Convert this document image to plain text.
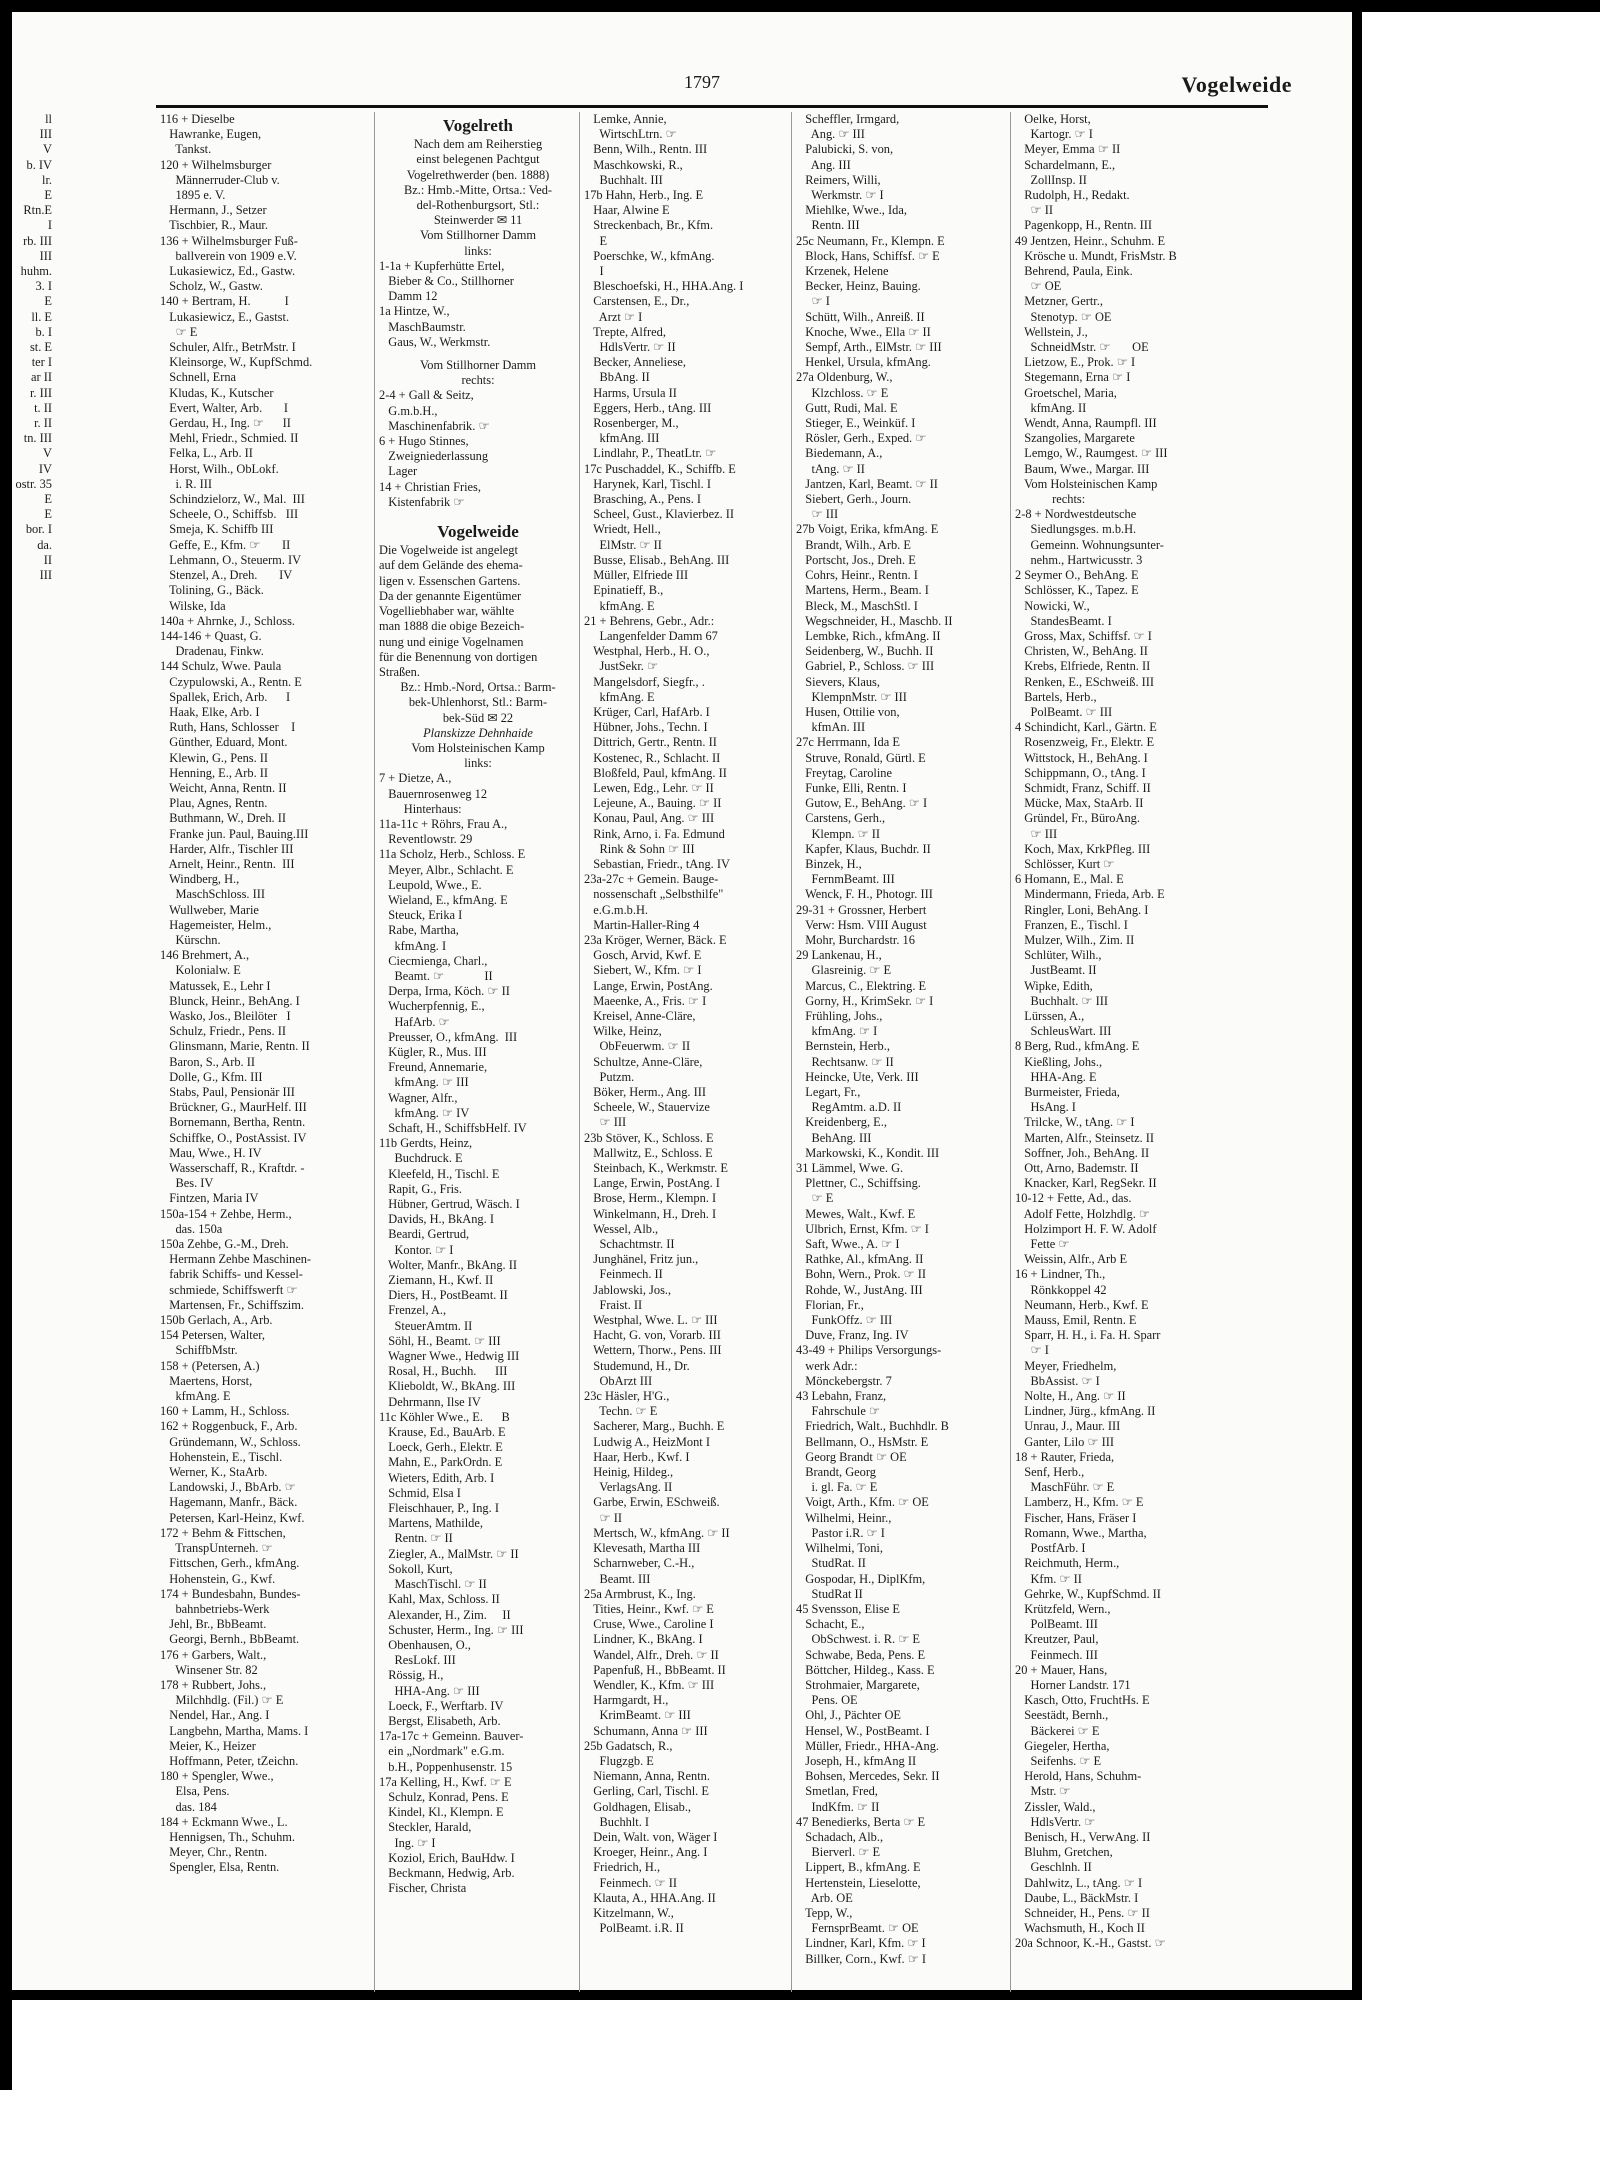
1797	Vogelweide
ll
III
V
b. IV
lr.
E
Rtn.E
I
rb. III
III
huhm.
3. I
E
ll. E
b. I
st. E
ter I
ar II
r. III
t. II
r. II
tn. III
V
IV
ostr. 35
E
E
bor. I
da.
II
III
116 + Dieselbe
Hawranke, Eugen,
Tankst.
120 + Wilhelmsburger
Männerruder-Club v.
1895 e. V.
Hermann, J., Setzer
Tischbier, R., Maur.
136 + Wilhelmsburger Fuß-
ballverein von 1909 e.V.
Lukasiewicz, Ed., Gastw.
Scholz, W., Gastw.
140 + Bertram, H.           I
Lukasiewicz, E., Gastst.
☞ E
Schuler, Alfr., BetrMstr. I
Kleinsorge, W., KupfSchmd.
Schnell, Erna
Kludas, K., Kutscher
Evert, Walter, Arb.       I
Gerdau, H., Ing. ☞      II
Mehl, Friedr., Schmied. II
Felka, L., Arb. II
Horst, Wilh., ObLokf.
i. R. III
Schindzielorz, W., Mal.  III
Scheele, O., Schiffsb.   III
Smeja, K. Schiffb III
Geffe, E., Kfm. ☞       II
Lehmann, O., Steuerm. IV
Stenzel, A., Dreh.       IV
Tolining, G., Bäck.
Wilske, Ida
140a + Ahrnke, J., Schloss.
144-146 + Quast, G.
Dradenau, Finkw.
144 Schulz, Wwe. Paula
Czypulowski, A., Rentn. E
Spallek, Erich, Arb.      I
Haak, Elke, Arb. I
Ruth, Hans, Schlosser    I
Günther, Eduard, Mont.
Klewin, G., Pens. II
Henning, E., Arb. II
Weicht, Anna, Rentn. II
Plau, Agnes, Rentn.
Buthmann, W., Dreh. II
Franke jun. Paul, Bauing.III
Harder, Alfr., Tischler III
Arnelt, Heinr., Rentn.  III
Windberg, H.,
MaschSchloss. III
Wullweber, Marie
Hagemeister, Helm.,
Kürschn.
146 Brehmert, A.,
Kolonialw. E
Matussek, E., Lehr I
Blunck, Heinr., BehAng. I
Wasko, Jos., Bleilöter   I
Schulz, Friedr., Pens. II
Glinsmann, Marie, Rentn. II
Baron, S., Arb. II
Dolle, G., Kfm. III
Stabs, Paul, Pensionär III
Brückner, G., MaurHelf. III
Bornemann, Bertha, Rentn.
Schiffke, O., PostAssist. IV
Mau, Wwe., H. IV
Wasserschaff, R., Kraftdr. -
Bes. IV
Fintzen, Maria IV
150a-154 + Zehbe, Herm.,
das. 150a
150a Zehbe, G.-M., Dreh.
Hermann Zehbe Maschinen-
fabrik Schiffs- und Kessel-
schmiede, Schiffswerft ☞
Martensen, Fr., Schiffszim.
150b Gerlach, A., Arb.
154 Petersen, Walter,
SchiffbMstr.
158 + (Petersen, A.)
Maertens, Horst,
kfmAng. E
160 + Lamm, H., Schloss.
162 + Roggenbuck, F., Arb.
Gründemann, W., Schloss.
Hohenstein, E., Tischl.
Werner, K., StaArb.
Landowski, J., BbArb. ☞
Hagemann, Manfr., Bäck.
Petersen, Karl-Heinz, Kwf.
172 + Behm & Fittschen,
TranspUnterneh. ☞
Fittschen, Gerh., kfmAng.
Hohenstein, G., Kwf.
174 + Bundesbahn, Bundes-
bahnbetriebs-Werk
Jehl, Br., BbBeamt.
Georgi, Bernh., BbBeamt.
176 + Garbers, Walt.,
Winsener Str. 82
178 + Rubbert, Johs.,
Milchhdlg. (Fil.) ☞ E
Nendel, Har., Ang. I
Langbehn, Martha, Mams. I
Meier, K., Heizer
Hoffmann, Peter, tZeichn.
180 + Spengler, Wwe.,
Elsa, Pens.
das. 184
184 + Eckmann Wwe., L.
Hennigsen, Th., Schuhm.
Meyer, Chr., Rentn.
Spengler, Elsa, Rentn.
Vogelreth
Nach dem am Reiherstieg
einst belegenen Pachtgut
Vogelrethwerder (ben. 1888)
Bz.: Hmb.-Mitte, Ortsa.: Ved-
del-Rothenburgsort, Stl.:
Steinwerder ✉ 11
Vom Stillhorner Damm
links:
1-1a + Kupferhütte Ertel,
Bieber & Co., Stillhorner
Damm 12
1a Hintze, W.,
MaschBaumstr.
Gaus, W., Werkmstr.
Vom Stillhorner Damm
rechts:
2-4 + Gall & Seitz,
G.m.b.H.,
Maschinenfabrik. ☞
6 + Hugo Stinnes,
Zweigniederlassung
Lager
14 + Christian Fries,
Kistenfabrik ☞
Vogelweide
Die Vogelweide ist angelegt
auf dem Gelände des ehema-
ligen v. Essenschen Gartens.
Da der genannte Eigentümer
Vogelliebhaber war, wählte
man 1888 die obige Bezeich-
nung und einige Vogelnamen
für die Benennung von dortigen
Straßen.
Bz.: Hmb.-Nord, Ortsa.: Barm-
bek-Uhlenhorst, Stl.: Barm-
bek-Süd ✉ 22
Planskizze Dehnhaide
Vom Holsteinischen Kamp
links:
7 + Dietze, A.,
Bauernrosenweg 12
Hinterhaus:
11a-11c + Röhrs, Frau A.,
Reventlowstr. 29
11a Scholz, Herb., Schloss. E
Meyer, Albr., Schlacht. E
Leupold, Wwe., E.
Wieland, E., kfmAng. E
Steuck, Erika I
Rabe, Martha,
kfmAng. I
Ciecmienga, Charl.,
Beamt. ☞             II
Derpa, Irma, Köch. ☞ II
Wucherpfennig, E.,
HafArb. ☞
Preusser, O., kfmAng.  III
Kügler, R., Mus. III
Freund, Annemarie,
kfmAng. ☞ III
Wagner, Alfr.,
kfmAng. ☞ IV
Schaft, H., SchiffsbHelf. IV
11b Gerdts, Heinz,
Buchdruck. E
Kleefeld, H., Tischl. E
Rapit, G., Fris.
Hübner, Gertrud, Wäsch. I
Davids, H., BkAng. I
Beardi, Gertrud,
Kontor. ☞ I
Wolter, Manfr., BkAng. II
Ziemann, H., Kwf. II
Diers, H., PostBeamt. II
Frenzel, A.,
SteuerAmtm. II
Söhl, H., Beamt. ☞ III
Wagner Wwe., Hedwig III
Rosal, H., Buchh.      III
Klieboldt, W., BkAng. III
Dehrmann, Ilse IV
11c Köhler Wwe., E.      B
Krause, Ed., BauArb. E
Loeck, Gerh., Elektr. E
Mahn, E., ParkOrdn. E
Wieters, Edith, Arb. I
Schmid, Elsa I
Fleischhauer, P., Ing. I
Martens, Mathilde,
Rentn. ☞ II
Ziegler, A., MalMstr. ☞ II
Sokoll, Kurt,
MaschTischl. ☞ II
Kahl, Max, Schloss. II
Alexander, H., Zim.     II
Schuster, Herm., Ing. ☞ III
Obenhausen, O.,
ResLokf. III
Rössig, H.,
HHA-Ang. ☞ III
Loeck, F., Werftarb. IV
Bergst, Elisabeth, Arb.
17a-17c + Gemeinn. Bauver-
ein „Nordmark" e.G.m.
b.H., Poppenhusenstr. 15
17a Kelling, H., Kwf. ☞ E
Schulz, Konrad, Pens. E
Kindel, Kl., Klempn. E
Steckler, Harald,
Ing. ☞ I
Koziol, Erich, BauHdw. I
Beckmann, Hedwig, Arb.
Fischer, Christa
Lemke, Annie,
WirtschLtrn. ☞
Benn, Wilh., Rentn. III
Maschkowski, R.,
Buchhalt. III
17b Hahn, Herb., Ing. E
Haar, Alwine E
Streckenbach, Br., Kfm.
E
Poerschke, W., kfmAng.
I
Bleschoefski, H., HHA.Ang. I
Carstensen, E., Dr.,
Arzt ☞ I
Trepte, Alfred,
HdlsVertr. ☞ II
Becker, Anneliese,
BbAng. II
Harms, Ursula II
Eggers, Herb., tAng. III
Rosenberger, M.,
kfmAng. III
Lindlahr, P., TheatLtr. ☞
17c Puschaddel, K., Schiffb. E
Harynek, Karl, Tischl. I
Brasching, A., Pens. I
Scheel, Gust., Klavierbez. II
Wriedt, Hell.,
ElMstr. ☞ II
Busse, Elisab., BehAng. III
Müller, Elfriede III
Epinatieff, B.,
kfmAng. E
21 + Behrens, Gebr., Adr.:
Langenfelder Damm 67
Westphal, Herb., H. O.,
JustSekr. ☞
Mangelsdorf, Siegfr., .
kfmAng. E
Krüger, Carl, HafArb. I
Hübner, Johs., Techn. I
Dittrich, Gertr., Rentn. II
Kostenec, R., Schlacht. II
Bloßfeld, Paul, kfmAng. II
Lewen, Edg., Lehr. ☞ II
Lejeune, A., Bauing. ☞ II
Konau, Paul, Ang. ☞ III
Rink, Arno, i. Fa. Edmund
Rink & Sohn ☞ III
Sebastian, Friedr., tAng. IV
23a-27c + Gemein. Bauge-
nossenschaft „Selbsthilfe"
e.G.m.b.H.
Martin-Haller-Ring 4
23a Kröger, Werner, Bäck. E
Gosch, Arvid, Kwf. E
Siebert, W., Kfm. ☞ I
Lange, Erwin, PostAng.
Maeenke, A., Fris. ☞ I
Kreisel, Anne-Cläre,
Wilke, Heinz,
ObFeuerwm. ☞ II
Schultze, Anne-Cläre,
Putzm.
Böker, Herm., Ang. III
Scheele, W., Stauervize
☞ III
23b Stöver, K., Schloss. E
Mallwitz, E., Schloss. E
Steinbach, K., Werkmstr. E
Lange, Erwin, PostAng. I
Brose, Herm., Klempn. I
Winkelmann, H., Dreh. I
Wessel, Alb.,
Schachtmstr. II
Junghänel, Fritz jun.,
Feinmech. II
Jablowski, Jos.,
Fraist. II
Westphal, Wwe. L. ☞ III
Hacht, G. von, Vorarb. III
Wettern, Thorw., Pens. III
Studemund, H., Dr.
ObArzt III
23c Häsler, H'G.,
Techn. ☞ E
Sacherer, Marg., Buchh. E
Ludwig A., HeizMont I
Haar, Herb., Kwf. I
Heinig, Hildeg.,
VerlagsAng. II
Garbe, Erwin, ESchweiß.
☞ II
Mertsch, W., kfmAng. ☞ II
Klevesath, Martha III
Scharnweber, C.-H.,
Beamt. III
25a Armbrust, K., Ing.
Tities, Heinr., Kwf. ☞ E
Cruse, Wwe., Caroline I
Lindner, K., BkAng. I
Wandel, Alfr., Dreh. ☞ II
Papenfuß, H., BbBeamt. II
Wendler, K., Kfm. ☞ III
Harmgardt, H.,
KrimBeamt. ☞ III
Schumann, Anna ☞ III
25b Gadatsch, R.,
Flugzgb. E
Niemann, Anna, Rentn.
Gerling, Carl, Tischl. E
Goldhagen, Elisab.,
Buchhlt. I
Dein, Walt. von, Wäger I
Kroeger, Heinr., Ang. I
Friedrich, H.,
Feinmech. ☞ II
Klauta, A., HHA.Ang. II
Kitzelmann, W.,
PolBeamt. i.R. II
Scheffler, Irmgard,
Ang. ☞ III
Palubicki, S. von,
Ang. III
Reimers, Willi,
Werkmstr. ☞ I
Miehlke, Wwe., Ida,
Rentn. III
25c Neumann, Fr., Klempn. E
Block, Hans, Schiffsf. ☞ E
Krzenek, Helene
Becker, Heinz, Bauing.
☞ I
Schütt, Wilh., Anreiß. II
Knoche, Wwe., Ella ☞ II
Sempf, Arth., ElMstr. ☞ III
Henkel, Ursula, kfmAng.
27a Oldenburg, W.,
Klzchloss. ☞ E
Gutt, Rudi, Mal. E
Stieger, E., Weinküf. I
Rösler, Gerh., Exped. ☞
Biedemann, A.,
tAng. ☞ II
Jantzen, Karl, Beamt. ☞ II
Siebert, Gerh., Journ.
☞ III
27b Voigt, Erika, kfmAng. E
Brandt, Wilh., Arb. E
Portscht, Jos., Dreh. E
Cohrs, Heinr., Rentn. I
Martens, Herm., Beam. I
Bleck, M., MaschStl. I
Wegschneider, H., Maschb. II
Lembke, Rich., kfmAng. II
Seidenberg, W., Buchh. II
Gabriel, P., Schloss. ☞ III
Sievers, Klaus,
KlempnMstr. ☞ III
Husen, Ottilie von,
kfmAn. III
27c Herrmann, Ida E
Struve, Ronald, Gürtl. E
Freytag, Caroline
Funke, Elli, Rentn. I
Gutow, E., BehAng. ☞ I
Carstens, Gerh.,
Klempn. ☞ II
Kapfer, Klaus, Buchdr. II
Binzek, H.,
FernmBeamt. III
Wenck, F. H., Photogr. III
29-31 + Grossner, Herbert
Verw: Hsm. VIII August
Mohr, Burchardstr. 16
29 Lankenau, H.,
Glasreinig. ☞ E
Marcus, C., Elektring. E
Gorny, H., KrimSekr. ☞ I
Frühling, Johs.,
kfmAng. ☞ I
Bernstein, Herb.,
Rechtsanw. ☞ II
Heincke, Ute, Verk. III
Legart, Fr.,
RegAmtm. a.D. II
Kreidenberg, E.,
BehAng. III
Markowski, K., Kondit. III
31 Lämmel, Wwe. G.
Plettner, C., Schiffsing.
☞ E
Mewes, Walt., Kwf. E
Ulbrich, Ernst, Kfm. ☞ I
Saft, Wwe., A. ☞ I
Rathke, Al., kfmAng. II
Bohn, Wern., Prok. ☞ II
Rohde, W., JustAng. III
Florian, Fr.,
FunkOffz. ☞ III
Duve, Franz, Ing. IV
43-49 + Philips Versorgungs-
werk Adr.:
Mönckebergstr. 7
43 Lebahn, Franz,
Fahrschule ☞
Friedrich, Walt., Buchhdlr. B
Bellmann, O., HsMstr. E
Georg Brandt ☞ OE
Brandt, Georg
i. gl. Fa. ☞ E
Voigt, Arth., Kfm. ☞ OE
Wilhelmi, Heinr.,
Pastor i.R. ☞ I
Wilhelmi, Toni,
StudRat. II
Gospodar, H., DiplKfm,
StudRat II
45 Svensson, Elise E
Schacht, E.,
ObSchwest. i. R. ☞ E
Schwabe, Beda, Pens. E
Böttcher, Hildeg., Kass. E
Strohmaier, Margarete,
Pens. OE
Ohl, J., Pächter OE
Hensel, W., PostBeamt. I
Müller, Friedr., HHA-Ang.
Joseph, H., kfmAng II
Bohsen, Mercedes, Sekr. II
Smetlan, Fred,
IndKfm. ☞ II
47 Benedierks, Berta ☞ E
Schadach, Alb.,
Bierverl. ☞ E
Lippert, B., kfmAng. E
Hertenstein, Lieselotte,
Arb. OE
Tepp, W.,
FernsprBeamt. ☞ OE
Lindner, Karl, Kfm. ☞ I
Billker, Corn., Kwf. ☞ I
Oelke, Horst,
Kartogr. ☞ I
Meyer, Emma ☞ II
Schardelmann, E.,
ZollInsp. II
Rudolph, H., Redakt.
☞ II
Pagenkopp, H., Rentn. III
49 Jentzen, Heinr., Schuhm. E
Krösche u. Mundt, FrisMstr. B
Behrend, Paula, Eink.
☞ OE
Metzner, Gertr.,
Stenotyp. ☞ OE
Wellstein, J.,
SchneidMstr. ☞       OE
Lietzow, E., Prok. ☞ I
Stegemann, Erna ☞ I
Groetschel, Maria,
kfmAng. II
Wendt, Anna, Raumpfl. III
Szangolies, Margarete
Lemgo, W., Raumgest. ☞ III
Baum, Wwe., Margar. III
Vom Holsteinischen Kamp
rechts:
2-8 + Nordwestdeutsche
Siedlungsges. m.b.H.
Gemeinn. Wohnungsunter-
nehm., Hartwicusstr. 3
2 Seymer O., BehAng. E
Schlösser, K., Tapez. E
Nowicki, W.,
StandesBeamt. I
Gross, Max, Schiffsf. ☞ I
Christen, W., BehAng. II
Krebs, Elfriede, Rentn. II
Renken, E., ESchweiß. III
Bartels, Herb.,
PolBeamt. ☞ III
4 Schindicht, Karl., Gärtn. E
Rosenzweig, Fr., Elektr. E
Wittstock, H., BehAng. I
Schippmann, O., tAng. I
Schmidt, Franz, Schiff. II
Mücke, Max, StaArb. II
Gründel, Fr., BüroAng.
☞ III
Koch, Max, KrkPfleg. III
Schlösser, Kurt ☞
6 Homann, E., Mal. E
Mindermann, Frieda, Arb. E
Ringler, Loni, BehAng. I
Franzen, E., Tischl. I
Mulzer, Wilh., Zim. II
Schlüter, Wilh.,
JustBeamt. II
Wipke, Edith,
Buchhalt. ☞ III
Lürssen, A.,
SchleusWart. III
8 Berg, Rud., kfmAng. E
Kießling, Johs.,
HHA-Ang. E
Burmeister, Frieda,
HsAng. I
Trilcke, W., tAng. ☞ I
Marten, Alfr., Steinsetz. II
Soffner, Joh., BehAng. II
Ott, Arno, Bademstr. II
Knacker, Karl, RegSekr. II
10-12 + Fette, Ad., das.
Adolf Fette, Holzhdlg. ☞
Holzimport H. F. W. Adolf
Fette ☞
Weissin, Alfr., Arb E
16 + Lindner, Th.,
Rönkkoppel 42
Neumann, Herb., Kwf. E
Mauss, Emil, Rentn. E
Sparr, H. H., i. Fa. H. Sparr
☞ I
Meyer, Friedhelm,
BbAssist. ☞ I
Nolte, H., Ang. ☞ II
Lindner, Jürg., kfmAng. II
Unrau, J., Maur. III
Ganter, Lilo ☞ III
18 + Rauter, Frieda,
Senf, Herb.,
MaschFühr. ☞ E
Lamberz, H., Kfm. ☞ E
Fischer, Hans, Fräser I
Romann, Wwe., Martha,
PostfArb. I
Reichmuth, Herm.,
Kfm. ☞ II
Gehrke, W., KupfSchmd. II
Krützfeld, Wern.,
PolBeamt. III
Kreutzer, Paul,
Feinmech. III
20 + Mauer, Hans,
Horner Landstr. 171
Kasch, Otto, FruchtHs. E
Seestädt, Bernh.,
Bäckerei ☞ E
Giegeler, Hertha,
Seifenhs. ☞ E
Herold, Hans, Schuhm-
Mstr. ☞
Zissler, Wald.,
HdlsVertr. ☞
Benisch, H., VerwAng. II
Bluhm, Gretchen,
Geschlnh. II
Dahlwitz, L., tAng. ☞ I
Daube, L., BäckMstr. I
Schneider, H., Pens. ☞ II
Wachsmuth, H., Koch II
20a Schnoor, K.-H., Gastst. ☞
